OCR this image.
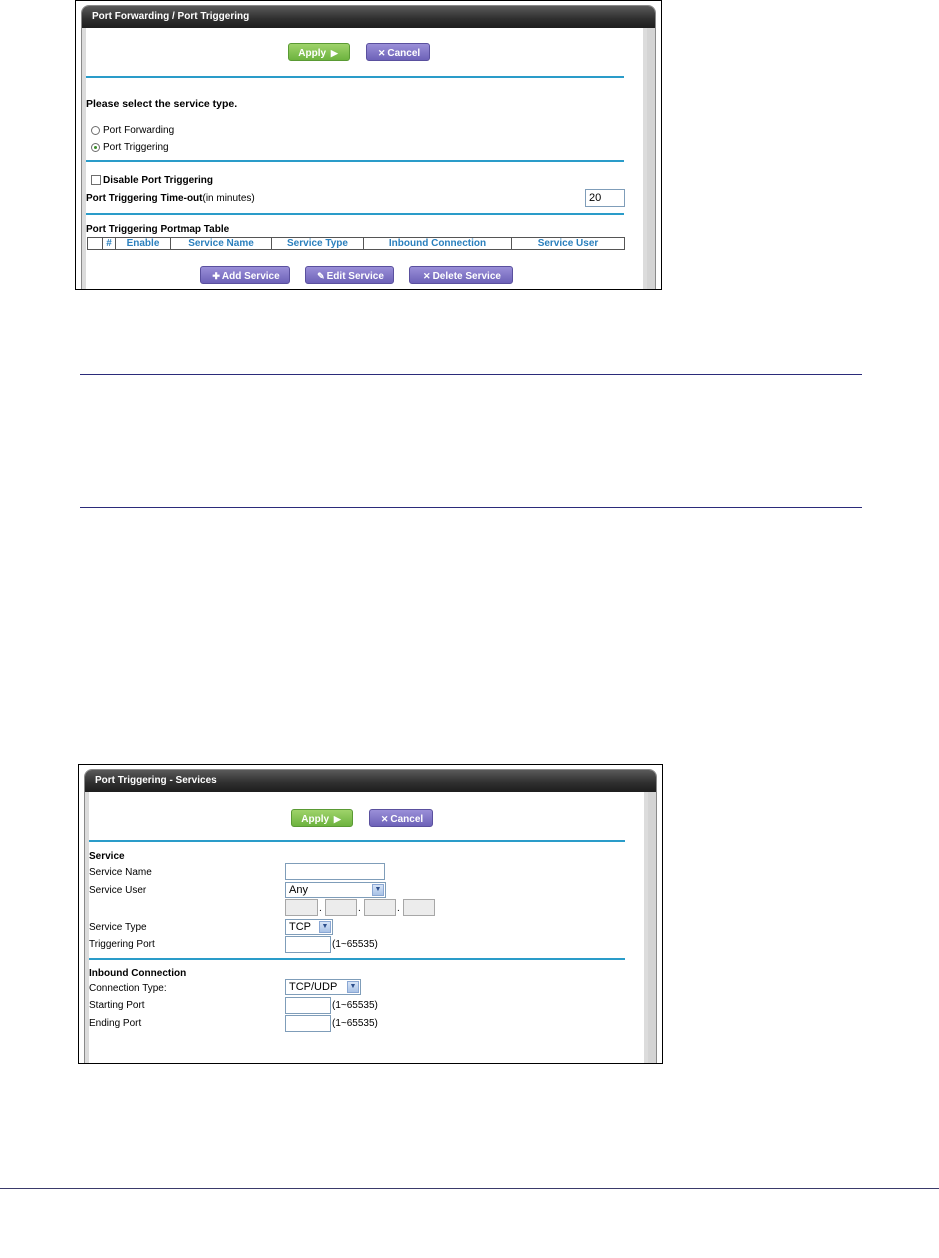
Port Forwarding / Port Triggering
Apply ▶	✕ Cancel
Please select the service type.
Port Forwarding
Port Triggering
Disable Port Triggering
Port Triggering Time-out(in minutes)
20
Port Triggering Portmap Table
	#	Enable	Service Name	Service Type	Inbound Connection	Service User
✚ Add Service	✎ Edit Service	✕ Delete Service
Port Triggering - Services
Apply ▶	✕ Cancel
Service
Service Name
Service User	Any	▼
.	.	.
Service Type	TCP	▼
Triggering Port	(1~65535)
Inbound Connection
Connection Type:	TCP/UDP	▼
Starting Port	(1~65535)
Ending Port	(1~65535)
